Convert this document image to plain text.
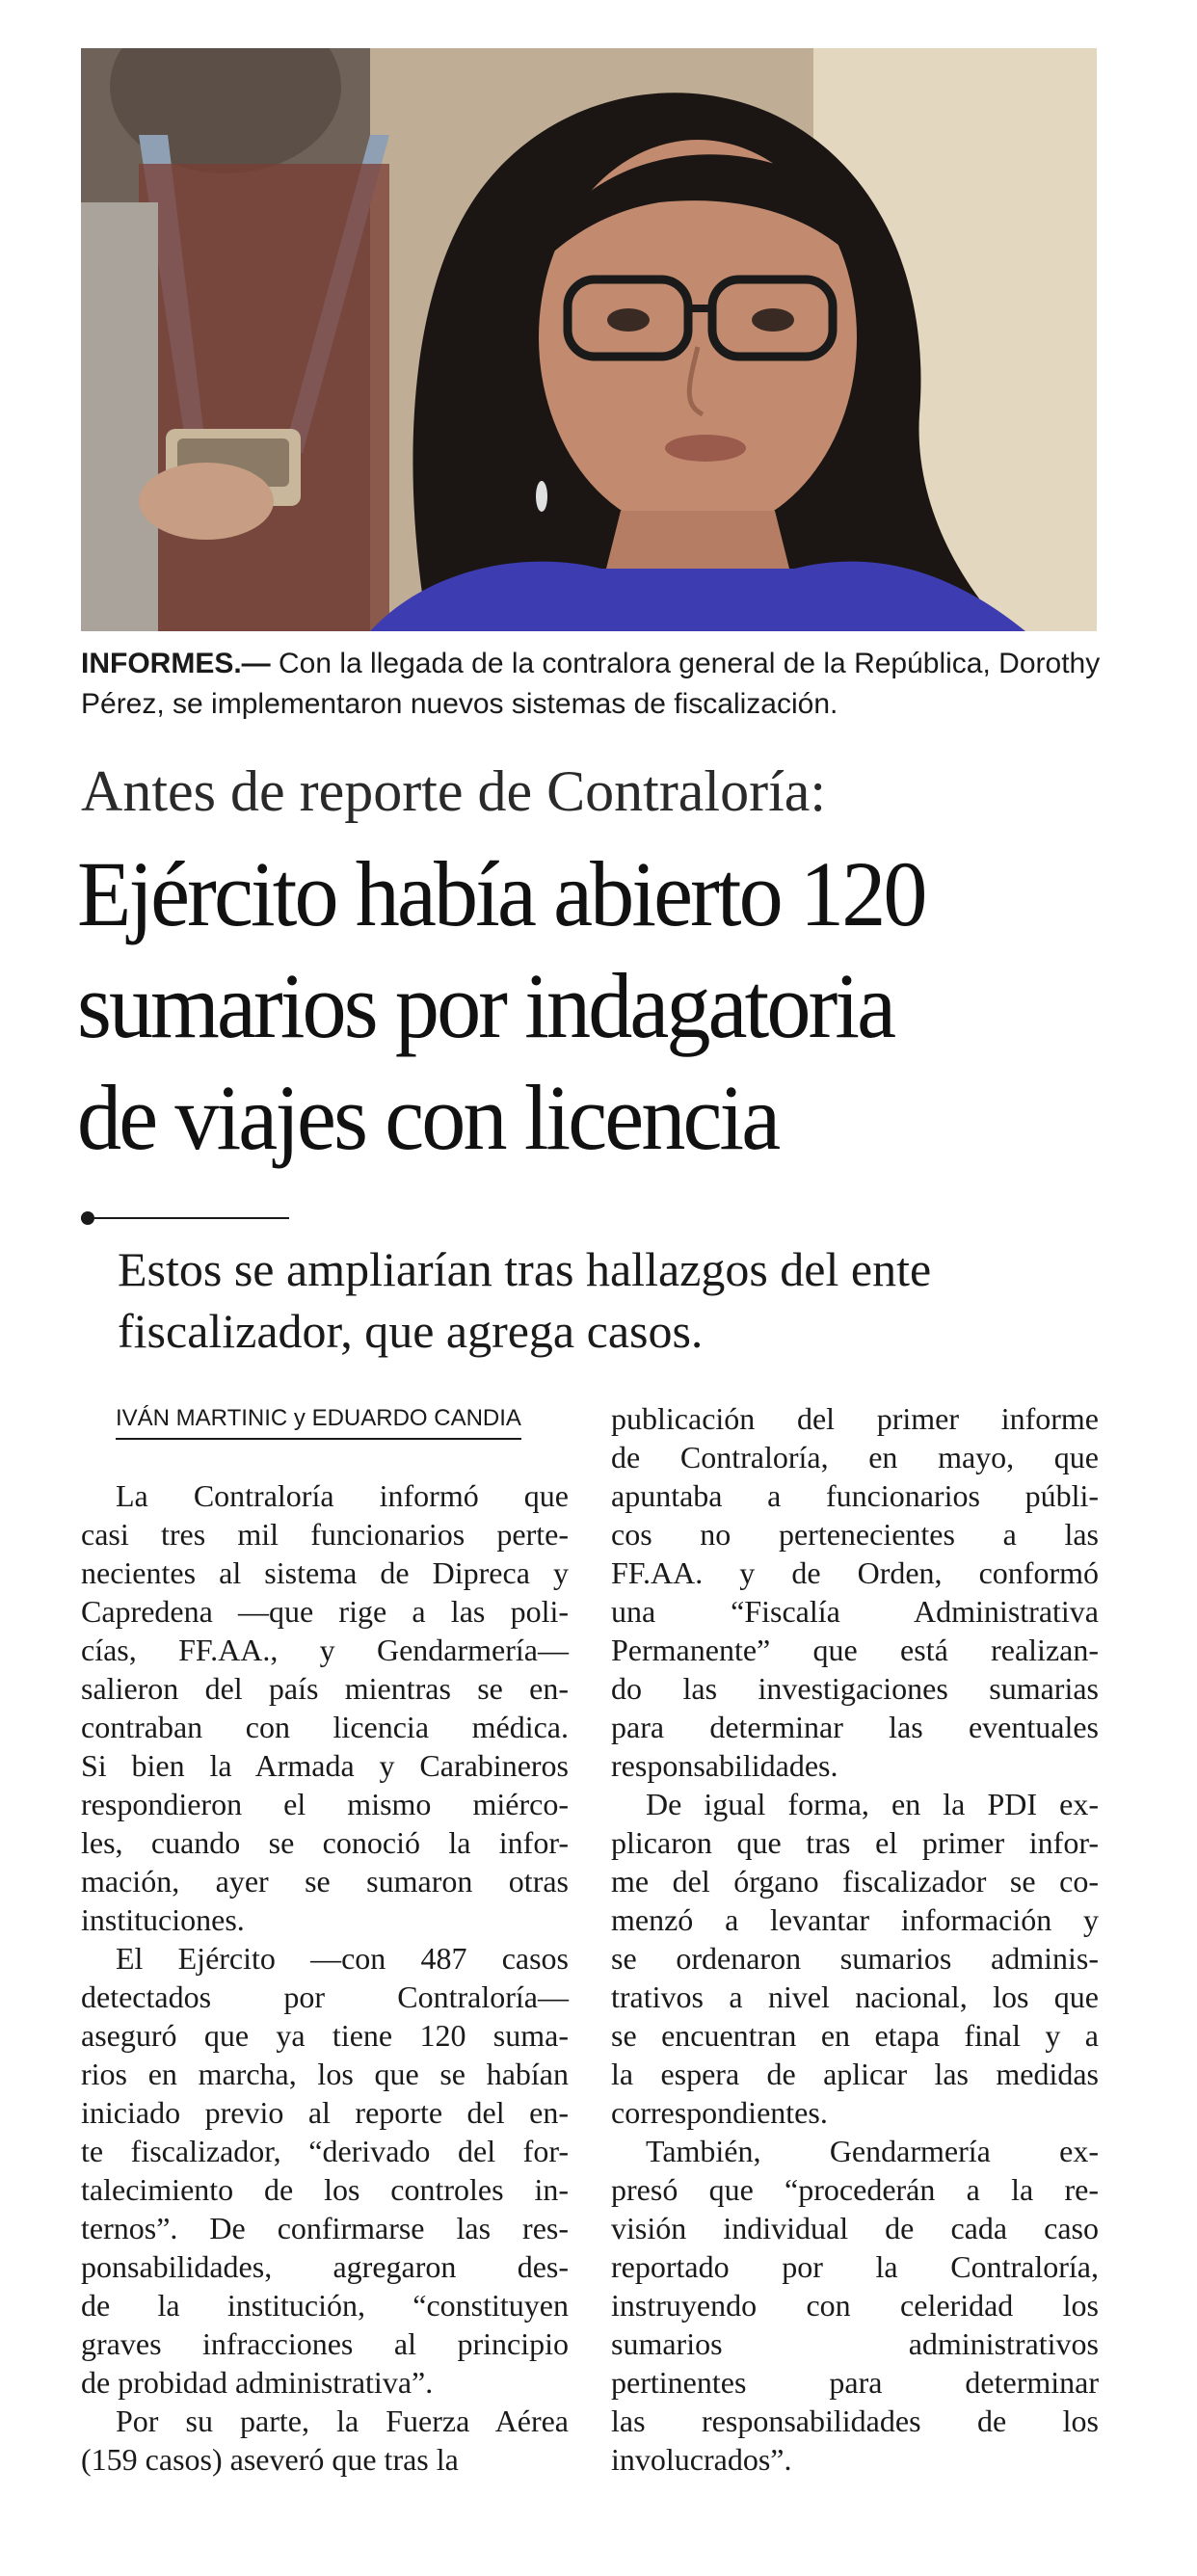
INFORMES.— Con la llegada de la contralora general de la República, Dorothy Pérez, se implementaron nuevos sistemas de fiscalización.
Antes de reporte de Contraloría:
Ejército había abierto 120
sumarios por indagatoria
de viajes con licencia
Estos se ampliarían tras hallazgos del ente
fiscalizador, que agrega casos.
IVÁN MARTINIC y EDUARDO CANDIA
La Contraloría informó que
casi tres mil funcionarios perte-
necientes al sistema de Dipreca y
Capredena —que rige a las poli-
cías, FF.AA., y Gendarmería—
salieron del país mientras se en-
contraban con licencia médica.
Si bien la Armada y Carabineros
respondieron el mismo miérco-
les, cuando se conoció la infor-
mación, ayer se sumaron otras
instituciones.
El Ejército —con 487 casos
detectados por Contraloría—
aseguró que ya tiene 120 suma-
rios en marcha, los que se habían
iniciado previo al reporte del en-
te fiscalizador, “derivado del for-
talecimiento de los controles in-
ternos”. De confirmarse las res-
ponsabilidades, agregaron des-
de la institución, “constituyen
graves infracciones al principio
de probidad administrativa”.
Por su parte, la Fuerza Aérea
(159 casos) aseveró que tras la
publicación del primer informe
de Contraloría, en mayo, que
apuntaba a funcionarios públi-
cos no pertenecientes a las
FF.AA. y de Orden, conformó
una “Fiscalía Administrativa
Permanente” que está realizan-
do las investigaciones sumarias
para determinar las eventuales
responsabilidades.
De igual forma, en la PDI ex-
plicaron que tras el primer infor-
me del órgano fiscalizador se co-
menzó a levantar información y
se ordenaron sumarios adminis-
trativos a nivel nacional, los que
se encuentran en etapa final y a
la espera de aplicar las medidas
correspondientes.
También, Gendarmería ex-
presó que “procederán a la re-
visión individual de cada caso
reportado por la Contraloría,
instruyendo con celeridad los
sumarios administrativos
pertinentes para determinar
las responsabilidades de los
involucrados”.
